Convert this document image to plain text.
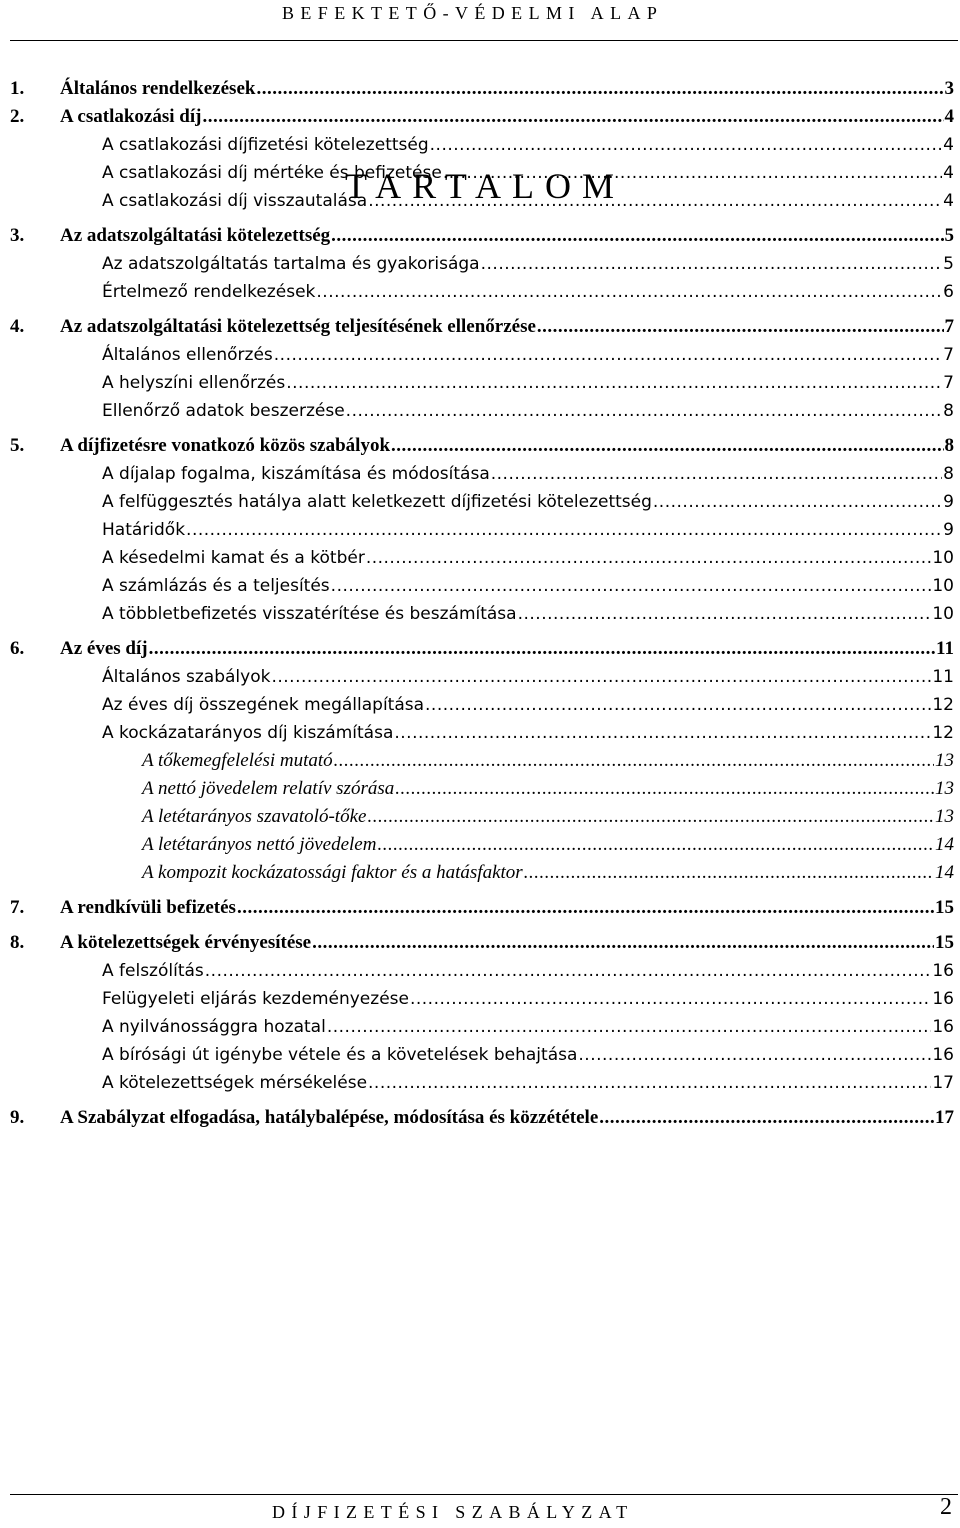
BEFEKTETŐ-VÉDELMI ALAP
TARTALOM
1. Általános rendelkezések .....	3
2. A csatlakozási díj .....	4
A csatlakozási díjfizetési kötelezettség .....	4
A csatlakozási díj mértéke és befizetése .....	4
A csatlakozási díj visszautalása .....	4
3. Az adatszolgáltatási kötelezettség .....	5
Az adatszolgáltatás tartalma és gyakorisága .....	5
Értelmező rendelkezések .....	6
4. Az adatszolgáltatási kötelezettség teljesítésének ellenőrzése .....	7
Általános ellenőrzés .....	7
A helyszíni ellenőrzés .....	7
Ellenőrző adatok beszerzése .....	8
5. A díjfizetésre vonatkozó közös szabályok .....	8
A díjalap fogalma, kiszámítása és módosítása .....	8
A felfüggesztés hatálya alatt keletkezett díjfizetési kötelezettség .....	9
Határidők .....	9
A késedelmi kamat és a kötbér .....	10
A számlázás és a teljesítés .....	10
A többletbefizetés visszatérítése és beszámítása .....	10
6. Az éves díj .....	11
Általános szabályok .....	11
Az éves díj összegének megállapítása .....	12
A kockázatarányos díj kiszámítása .....	12
A tőkemegfelelési mutató .....	13
A nettó jövedelem relatív szórása .....	13
A letétarányos szavatoló-tőke .....	13
A letétarányos nettó jövedelem .....	14
A kompozit kockázatossági faktor és a hatásfaktor .....	14
7. A rendkívüli befizetés .....	15
8. A kötelezettségek érvényesítése .....	15
A felszólítás .....	16
Felügyeleti eljárás kezdeményezése .....	16
A nyilvánossággra hozatal .....	16
A bírósági út igénybe vétele és a követelések behajtása .....	16
A kötelezettségek mérsékelése .....	17
9. A Szabályzat elfogadása, hatálybalépése, módosítása és közzététele .....	17
DÍJFIZETÉSI SZABÁLYZAT	2
